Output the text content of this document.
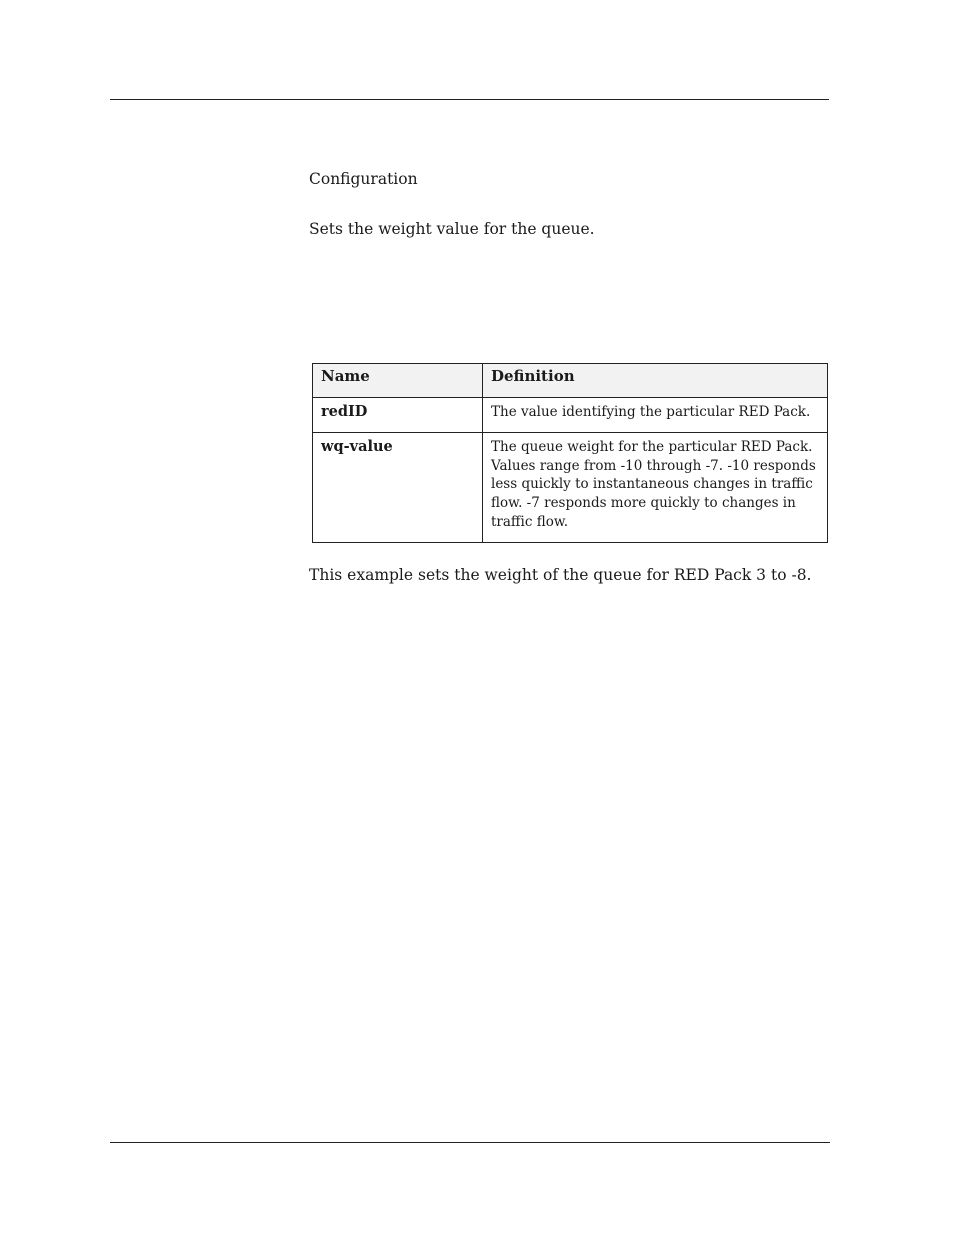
Configuration
Sets the weight value for the queue.
Name	Definition
redID	The value identifying the particular RED Pack.
wq-value	The queue weight for the particular RED Pack. Values range from -10 through -7. -10 responds less quickly to instantaneous changes in traffic flow. -7 responds more quickly to changes in traffic flow.
This example sets the weight of the queue for RED Pack 3 to -8.
